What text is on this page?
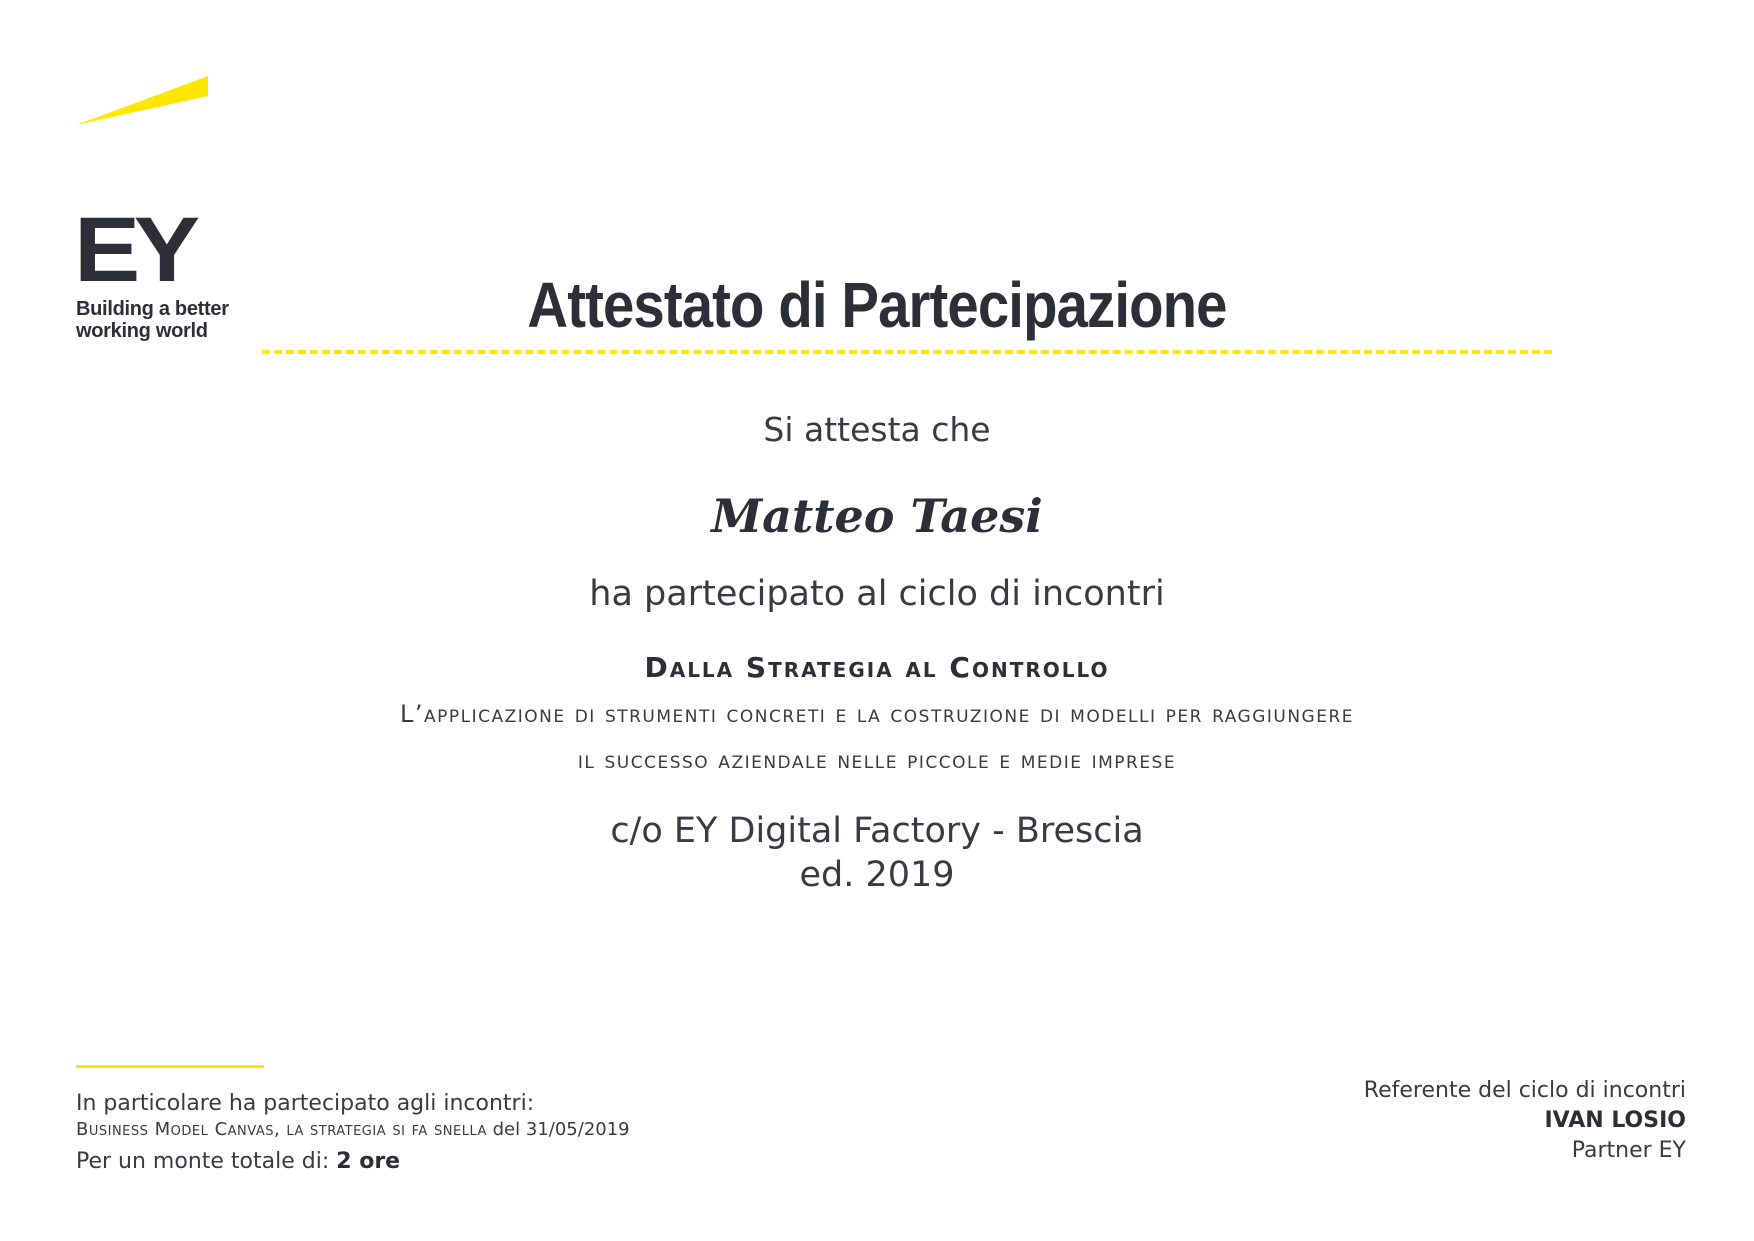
EY
Building a better
working world	Attestato di Partecipazione
Si attesta che
Matteo Taesi
ha partecipato al ciclo di incontri
Dalla Strategia al Controllo
L’applicazione di strumenti concreti e la costruzione di modelli per raggiungere
il successo aziendale nelle piccole e medie imprese
c/o EY Digital Factory - Brescia
ed. 2019
In particolare ha partecipato agli incontri:
Business Model Canvas, la strategia si fa snella del 31/05/2019
Per un monte totale di: 2 ore
Referente del ciclo di incontri
IVAN LOSIO
Partner EY
